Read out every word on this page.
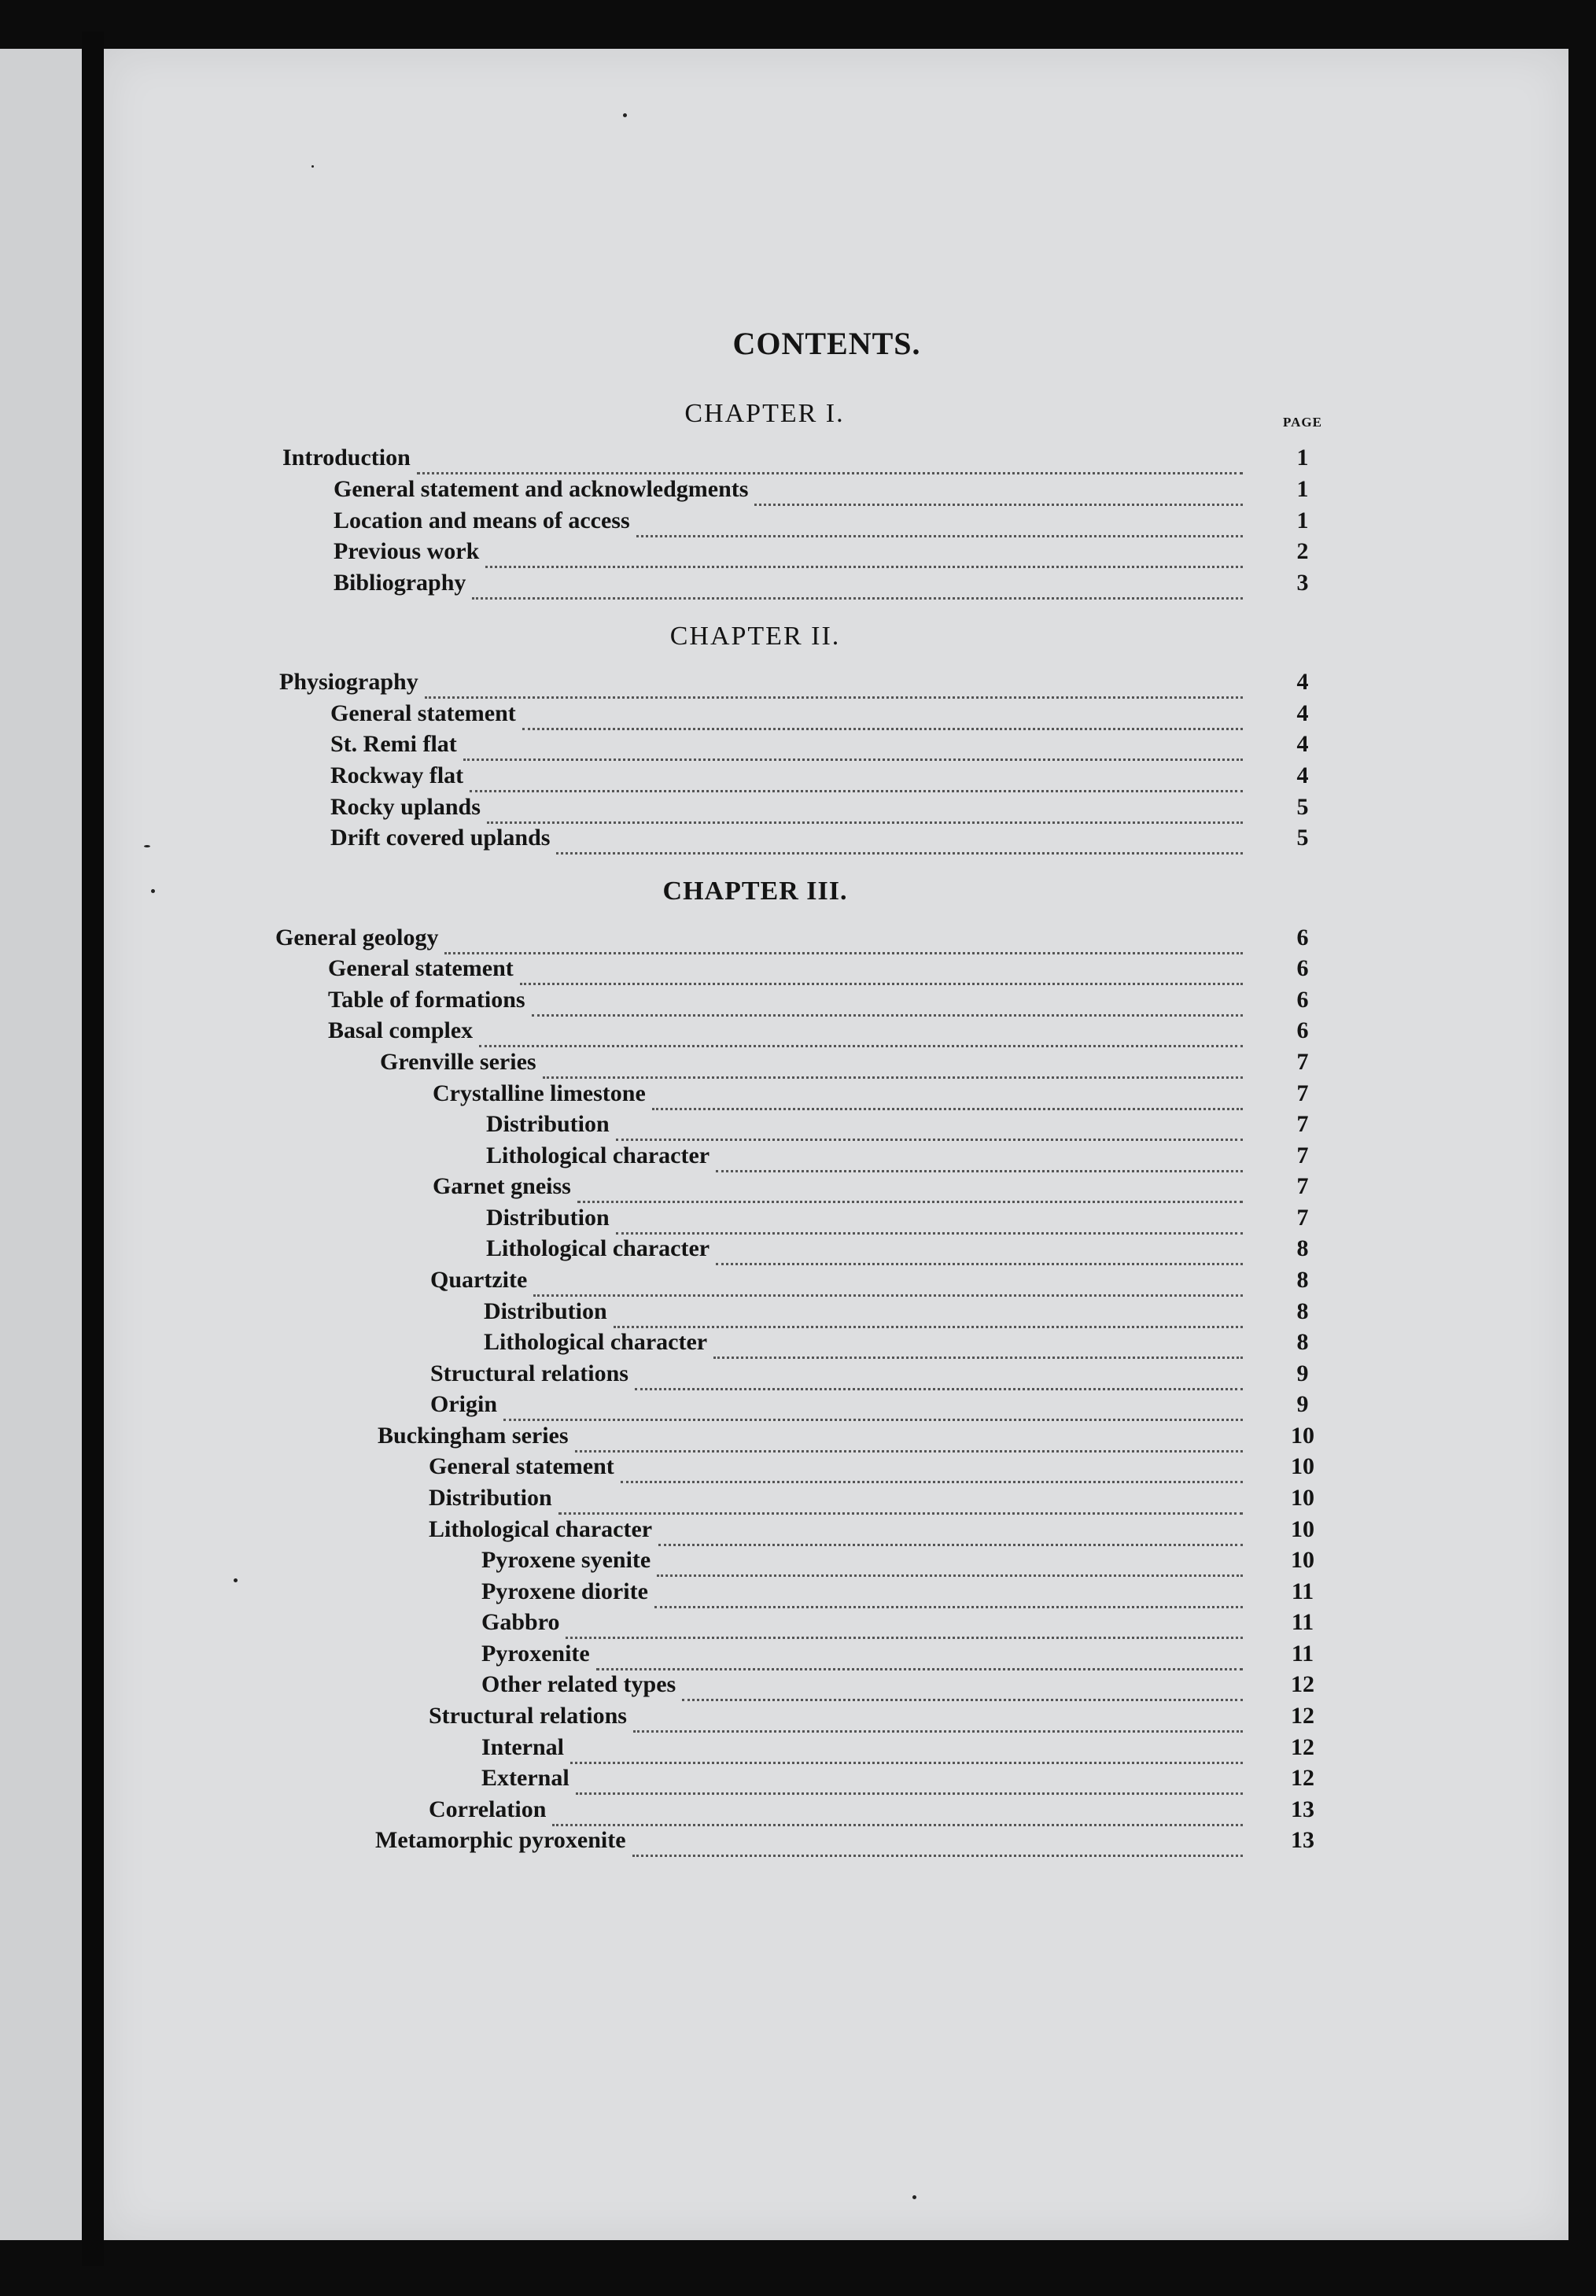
CONTENTS.
PAGE
CHAPTER I.
Introduction	1
General statement and acknowledgments	1
Location and means of access	1
Previous work	2
Bibliography	3
CHAPTER II.
Physiography	4
General statement	4
St. Remi flat	4
Rockway flat	4
Rocky uplands	5
Drift covered uplands	5
CHAPTER III.
General geology	6
General statement	6
Table of formations	6
Basal complex	6
Grenville series	7
Crystalline limestone	7
Distribution	7
Lithological character	7
Garnet gneiss	7
Distribution	7
Lithological character	8
Quartzite	8
Distribution	8
Lithological character	8
Structural relations	9
Origin	9
Buckingham series	10
General statement	10
Distribution	10
Lithological character	10
Pyroxene syenite	10
Pyroxene diorite	11
Gabbro	11
Pyroxenite	11
Other related types	12
Structural relations	12
Internal	12
External	12
Correlation	13
Metamorphic pyroxenite	13
